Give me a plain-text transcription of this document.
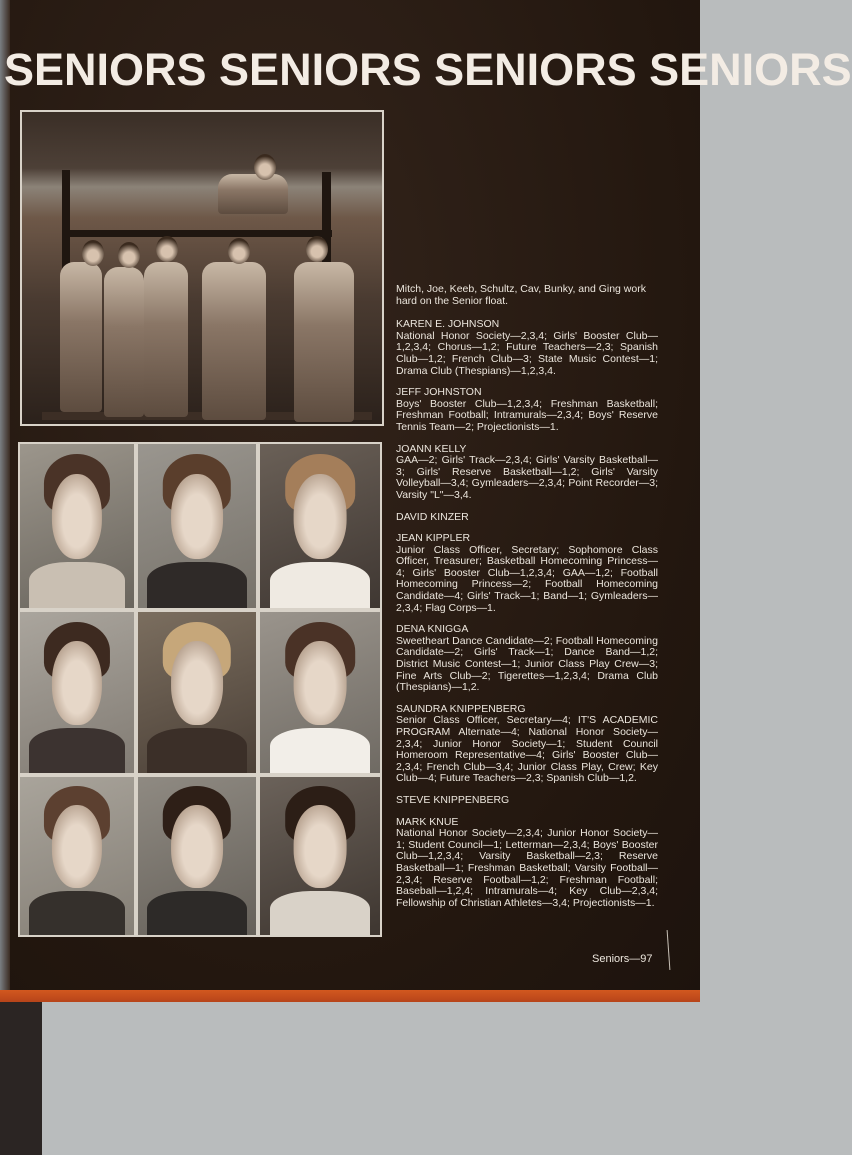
SENIORS SENIORS SENIORS SENIORS
Mitch, Joe, Keeb, Schultz, Cav, Bunky, and Ging work hard on the Senior float.
KAREN E. JOHNSON
National Honor Society—2,3,4; Girls' Booster Club—1,2,3,4; Chorus—1,2; Future Teachers—2,3; Spanish Club—1,2; French Club—3; State Music Contest—1; Drama Club (Thespians)—1,2,3,4.
JEFF JOHNSTON
Boys' Booster Club—1,2,3,4; Freshman Basketball; Freshman Football; Intramurals—2,3,4; Boys' Reserve Tennis Team—2; Projectionists—1.
JOANN KELLY
GAA—2; Girls' Track—2,3,4; Girls' Varsity Basketball—3; Girls' Reserve Basketball—1,2; Girls' Varsity Volleyball—3,4; Gymleaders—2,3,4; Point Recorder—3; Varsity "L"—3,4.
DAVID KINZER
JEAN KIPPLER
Junior Class Officer, Secretary; Sophomore Class Officer, Treasurer; Basketball Homecoming Princess—4; Girls' Booster Club—1,2,3,4; GAA—1,2; Football Homecoming Princess—2; Football Homecoming Candidate—4; Girls' Track—1; Band—1; Gymleaders—2,3,4; Flag Corps—1.
DENA KNIGGA
Sweetheart Dance Candidate—2; Football Homecoming Candidate—2; Girls' Track—1; Dance Band—1,2; District Music Contest—1; Junior Class Play Crew—3; Fine Arts Club—2; Tigerettes—1,2,3,4; Drama Club (Thespians)—1,2.
SAUNDRA KNIPPENBERG
Senior Class Officer, Secretary—4; IT'S ACADEMIC PROGRAM Alternate—4; National Honor Society—2,3,4; Junior Honor Society—1; Student Council Homeroom Representative—4; Girls' Booster Club—2,3,4; French Club—3,4; Junior Class Play, Crew; Key Club—4; Future Teachers—2,3; Spanish Club—1,2.
STEVE KNIPPENBERG
MARK KNUE
National Honor Society—2,3,4; Junior Honor Society—1; Student Council—1; Letterman—2,3,4; Boys' Booster Club—1,2,3,4; Varsity Basketball—2,3; Reserve Basketball—1; Freshman Basketball; Varsity Football—2,3,4; Reserve Football—1,2; Freshman Football; Baseball—1,2,4; Intramurals—4; Key Club—2,3,4; Fellowship of Christian Athletes—3,4; Projectionists—1.
Seniors—97
